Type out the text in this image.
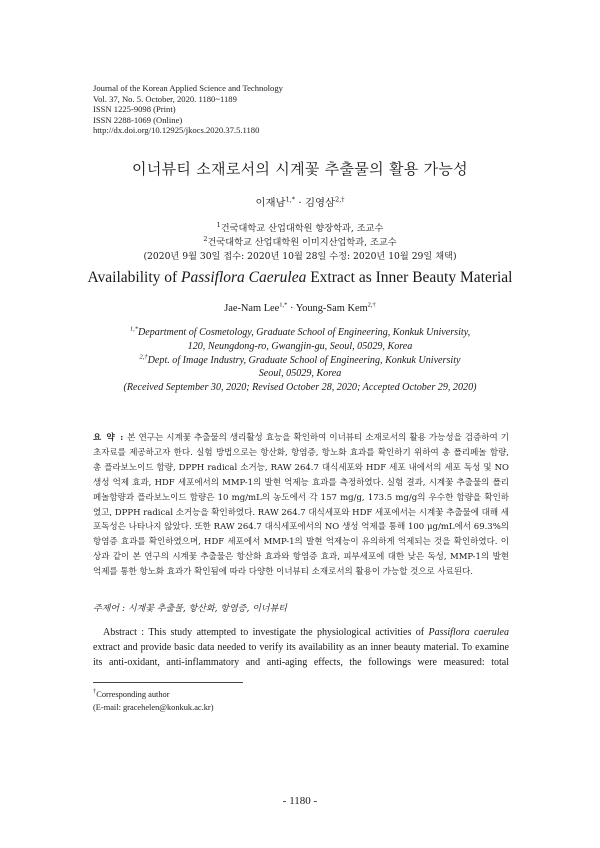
Journal of the Korean Applied Science and Technology
Vol. 37, No. 5. October, 2020. 1180~1189
ISSN 1225-9098 (Print)
ISSN 2288-1069 (Online)
http://dx.doi.org/10.12925/jkocs.2020.37.5.1180
이너뷰티 소재로서의 시계꽃 추출물의 활용 가능성
이재남$^{1,*}$ · 김영삼$^{2,\dagger}$
$^1$건국대학교 산업대학원 향장학과, 조교수
$^2$건국대학교 산업대학원 이미지산업학과, 조교수
(2020년 9월 30일 접수: 2020년 10월 28일 수정: 2020년 10월 29일 채택)
Availability of Passiflora Caerulea Extract as Inner Beauty Material
Jae-Nam Lee$^{1,*}$ · Young-Sam Kem$^{2,\dagger}$
$^{1,*}$Department of Cosmetology, Graduate School of Engineering, Konkuk University,
120, Neungdong-ro, Gwangjin-gu, Seoul, 05029, Korea
$^{2,\dagger}$Dept. of Image Industry, Graduate School of Engineering, Konkuk University
Seoul, 05029, Korea
(Received September 30, 2020; Revised October 28, 2020; Accepted October 29, 2020)

요 약 : 본 연구는 시계꽃 추출물의 생리활성 효능을 확인하여 이너뷰티 소재로서의 활용 가능성을 검증하여 기초자료를 제공하고자 한다. 실험 방법으로는 항산화, 항염증, 항노화 효과를 확인하기 위하여 총 폴리페놀 함량, 총 플라보노이드 함량, DPPH radical 소거능, RAW 264.7 대식세포와 HDF 세포 내에서의 세포 독성 및 NO 생성 억제 효과, HDF 세포에서의 MMP-1의 발현 억제능 효과를 측정하였다. 실험 결과, 시계꽃 추출물의 폴리페놀함량과 플라보노이드 함량은 10 mg/mL의 농도에서 각 157 mg/g, 173.5 mg/g의 우수한 함량을 확인하였고, DPPH radical 소거능을 확인하였다. RAW 264.7 대식세포와 HDF 세포에서는 시계꽃 추출물에 대해 세포독성은 나타나지 않았다. 또한 RAW 264.7 대식세포에서의 NO 생성 억제를 통해 100 μg/mL에서 69.3%의 항염증 효과를 확인하였으며, HDF 세포에서 MMP-1의 발현 억제능이 유의하게 억제되는 것을 확인하였다. 이상과 같이 본 연구의 시계꽃 추출물은 항산화 효과와 항염증 효과, 피부세포에 대한 낮은 독성, MMP-1의 발현 억제를 통한 항노화 효과가 확인됨에 따라 다양한 이너뷰티 소재로서의 활용이 가능할 것으로 사료된다.

주제어 : 시계꽃 추출물, 항산화, 항염증, 이너뷰티

Abstract : This study attempted to investigate the physiological activities of Passiflora caerulea extract and provide basic data needed to verify its availability as an inner beauty material. To examine its anti-oxidant, anti-inflammatory and anti-aging effects, the followings were measured: total

†Corresponding author
(E-mail: gracehelen@konkuk.ac.kr)
- 1180 -
